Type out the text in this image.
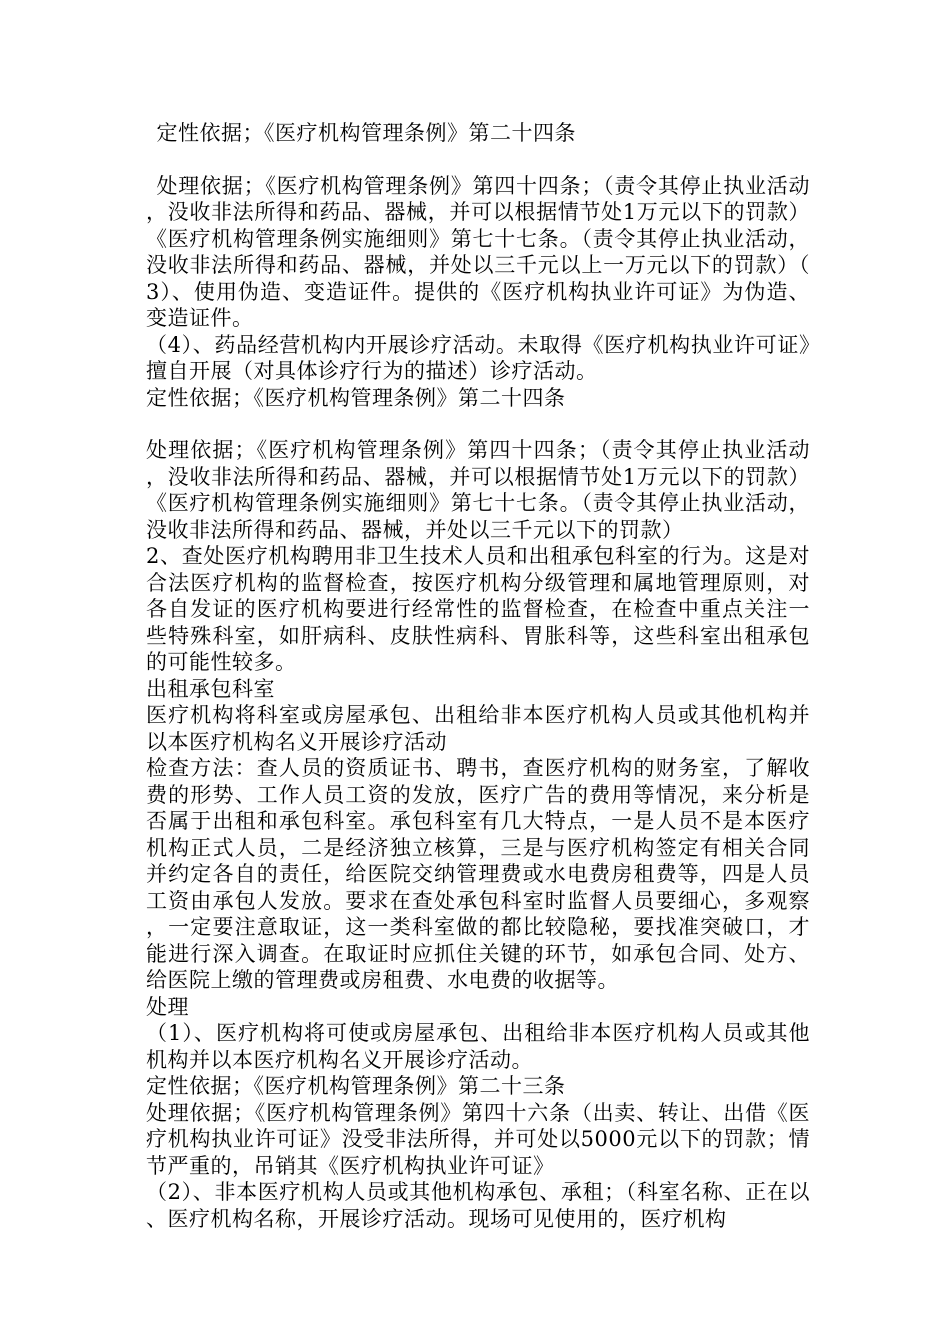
定性依据；《医疗机构管理条例》第二十四条

处理依据；《医疗机构管理条例》第四十四条；（责令其停止执业活动，没收非法所得和药品、器械，并可以根据情节处1万元以下的罚款）《医疗机构管理条例实施细则》第七十七条。（责令其停止执业活动，没收非法所得和药品、器械，并处以三千元以上一万元以下的罚款）（3）、使用伪造、变造证件。提供的《医疗机构执业许可证》为伪造、变造证件。

（4）、药品经营机构内开展诊疗活动。未取得《医疗机构执业许可证》擅自开展（对具体诊疗行为的描述）诊疗活动。

定性依据；《医疗机构管理条例》第二十四条

处理依据；《医疗机构管理条例》第四十四条；（责令其停止执业活动，没收非法所得和药品、器械，并可以根据情节处1万元以下的罚款）《医疗机构管理条例实施细则》第七十七条。（责令其停止执业活动，没收非法所得和药品、器械，并处以三千元以下的罚款）

2、查处医疗机构聘用非卫生技术人员和出租承包科室的行为。这是对合法医疗机构的监督检查，按医疗机构分级管理和属地管理原则，对各自发证的医疗机构要进行经常性的监督检查，在检查中重点关注一些特殊科室，如肝病科、皮肤性病科、胃胀科等，这些科室出租承包的可能性较多。

出租承包科室

医疗机构将科室或房屋承包、出租给非本医疗机构人员或其他机构并以本医疗机构名义开展诊疗活动

检查方法：查人员的资质证书、聘书，查医疗机构的财务室，了解收费的形势、工作人员工资的发放，医疗广告的费用等情况，来分析是否属于出租和承包科室。承包科室有几大特点，一是人员不是本医疗机构正式人员，二是经济独立核算，三是与医疗机构签定有相关合同并约定各自的责任，给医院交纳管理费或水电费房租费等，四是人员工资由承包人发放。要求在查处承包科室时监督人员要细心，多观察，一定要注意取证，这一类科室做的都比较隐秘，要找准突破口，才能进行深入调查。在取证时应抓住关键的环节，如承包合同、处方、给医院上缴的管理费或房租费、水电费的收据等。

处理

（1）、医疗机构将可使或房屋承包、出租给非本医疗机构人员或其他机构并以本医疗机构名义开展诊疗活动。

定性依据；《医疗机构管理条例》第二十三条

处理依据；《医疗机构管理条例》第四十六条（出卖、转让、出借《医疗机构执业许可证》没受非法所得，并可处以5000元以下的罚款；情节严重的，吊销其《医疗机构执业许可证》

（2）、非本医疗机构人员或其他机构承包、承租；（科室名称、正在以、医疗机构名称，开展诊疗活动。现场可见使用的，医疗机构
